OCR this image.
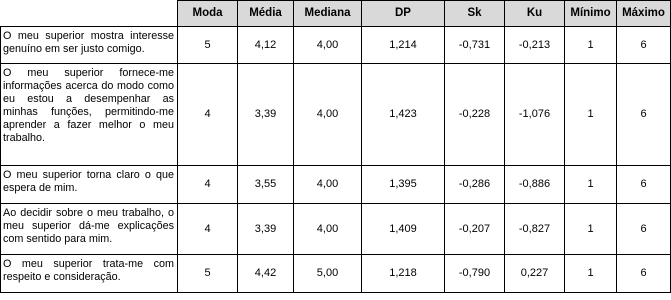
	Moda	Média	Mediana	DP	Sk	Ku	Mínimo	Máximo
O meu superior mostra interesse genuíno em ser justo comigo.	5	4,12	4,00	1,214	-0,731	-0,213	1	6
O meu superior fornece-me informações acerca do modo como eu estou a desempenhar as minhas funções, permitindo-me aprender a fazer melhor o meu trabalho.	4	3,39	4,00	1,423	-0,228	-1,076	1	6
O meu superior torna claro o que espera de mim.	4	3,55	4,00	1,395	-0,286	-0,886	1	6
Ao decidir sobre o meu trabalho, o meu superior dá-me explicações com sentido para mim.	4	3,39	4,00	1,409	-0,207	-0,827	1	6
O meu superior trata-me com respeito e consideração.	5	4,42	5,00	1,218	-0,790	0,227	1	6
